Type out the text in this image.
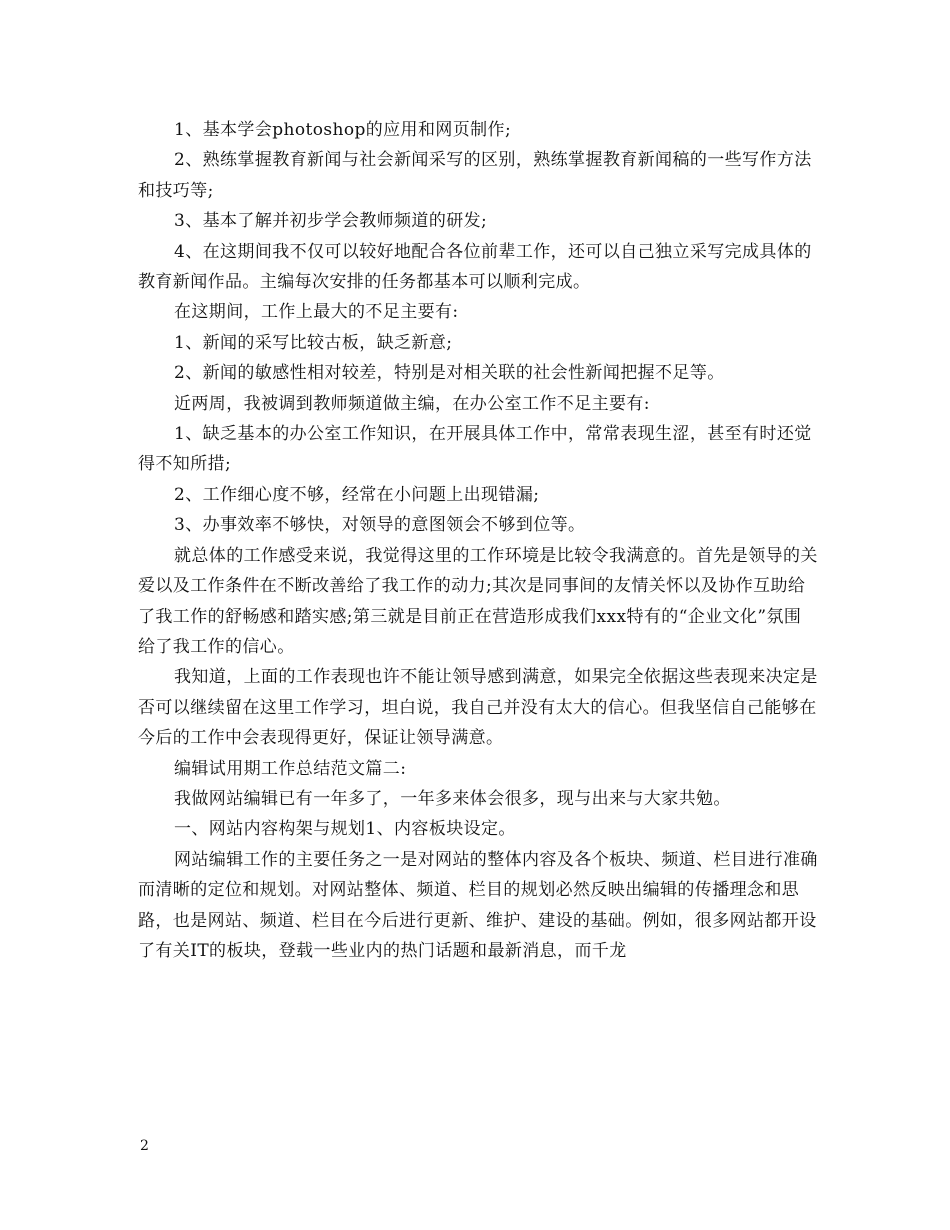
1、基本学会photoshop的应用和网页制作;

2、熟练掌握教育新闻与社会新闻采写的区别，熟练掌握教育新闻稿的一些写作方法和技巧等;

3、基本了解并初步学会教师频道的研发;

4、在这期间我不仅可以较好地配合各位前辈工作，还可以自己独立采写完成具体的教育新闻作品。主编每次安排的任务都基本可以顺利完成。

在这期间，工作上最大的不足主要有:

1、新闻的采写比较古板，缺乏新意;

2、新闻的敏感性相对较差，特别是对相关联的社会性新闻把握不足等。

近两周，我被调到教师频道做主编，在办公室工作不足主要有:

1、缺乏基本的办公室工作知识，在开展具体工作中，常常表现生涩，甚至有时还觉得不知所措;

2、工作细心度不够，经常在小问题上出现错漏;

3、办事效率不够快，对领导的意图领会不够到位等。

就总体的工作感受来说，我觉得这里的工作环境是比较令我满意的。首先是领导的关爱以及工作条件在不断改善给了我工作的动力;其次是同事间的友情关怀以及协作互助给了我工作的舒畅感和踏实感;第三就是目前正在营造形成我们xxx特有的“企业文化”氛围给了我工作的信心。

我知道，上面的工作表现也许不能让领导感到满意，如果完全依据这些表现来决定是否可以继续留在这里工作学习，坦白说，我自己并没有太大的信心。但我坚信自己能够在今后的工作中会表现得更好，保证让领导满意。

编辑试用期工作总结范文篇二:

我做网站编辑已有一年多了，一年多来体会很多，现与出来与大家共勉。

一、网站内容构架与规划1、内容板块设定。

网站编辑工作的主要任务之一是对网站的整体内容及各个板块、频道、栏目进行准确而清晰的定位和规划。对网站整体、频道、栏目的规划必然反映出编辑的传播理念和思路，也是网站、频道、栏目在今后进行更新、维护、建设的基础。例如，很多网站都开设了有关IT的板块，登载一些业内的热门话题和最新消息，而千龙

2
